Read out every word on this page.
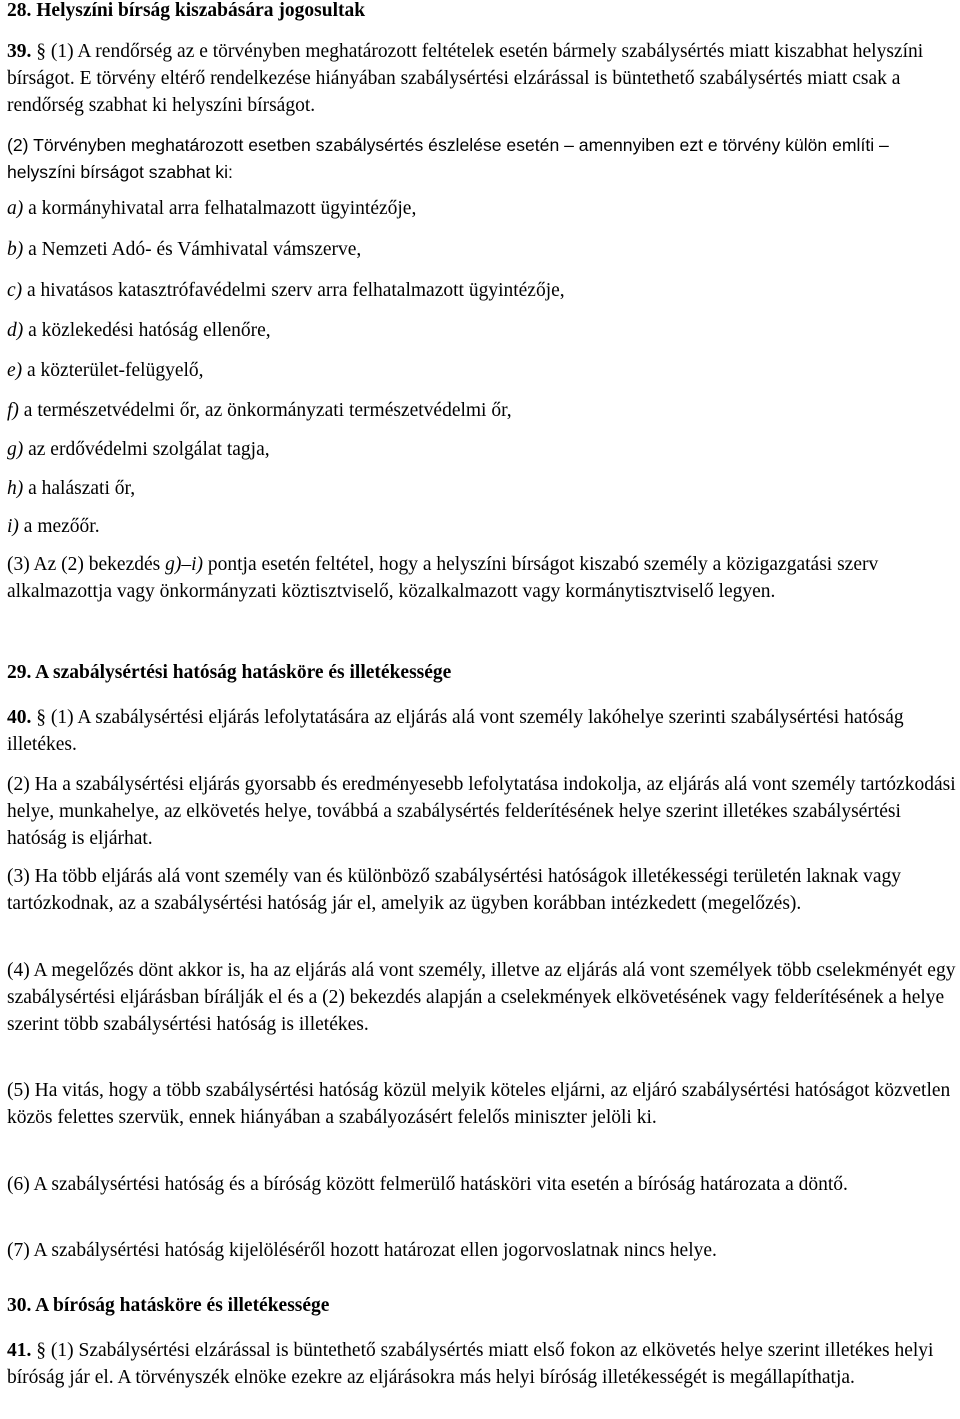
28. Helyszíni bírság kiszabására jogosultak

39. § (1) A rendőrség az e törvényben meghatározott feltételek esetén bármely szabálysértés miatt kiszabhat helyszíni bírságot. E törvény eltérő rendelkezése hiányában szabálysértési elzárással is büntethető szabálysértés miatt csak a rendőrség szabhat ki helyszíni bírságot.

(2) Törvényben meghatározott esetben szabálysértés észlelése esetén – amennyiben ezt e törvény külön említi – helyszíni bírságot szabhat ki:

a) a kormányhivatal arra felhatalmazott ügyintézője,

b) a Nemzeti Adó- és Vámhivatal vámszerve,

c) a hivatásos katasztrófavédelmi szerv arra felhatalmazott ügyintézője,

d) a közlekedési hatóság ellenőre,

e) a közterület-felügyelő,

f) a természetvédelmi őr, az önkormányzati természetvédelmi őr,

g) az erdővédelmi szolgálat tagja,

h) a halászati őr,

i) a mezőőr.

(3) Az (2) bekezdés g)–i) pontja esetén feltétel, hogy a helyszíni bírságot kiszabó személy a közigazgatási szerv alkalmazottja vagy önkormányzati köztisztviselő, közalkalmazott vagy kormánytisztviselő legyen.

29. A szabálysértési hatóság hatásköre és illetékessége

40. § (1) A szabálysértési eljárás lefolytatására az eljárás alá vont személy lakóhelye szerinti szabálysértési hatóság illetékes.

(2) Ha a szabálysértési eljárás gyorsabb és eredményesebb lefolytatása indokolja, az eljárás alá vont személy tartózkodási helye, munkahelye, az elkövetés helye, továbbá a szabálysértés felderítésének helye szerint illetékes szabálysértési hatóság is eljárhat.

(3) Ha több eljárás alá vont személy van és különböző szabálysértési hatóságok illetékességi területén laknak vagy tartózkodnak, az a szabálysértési hatóság jár el, amelyik az ügyben korábban intézkedett (megelőzés).

(4) A megelőzés dönt akkor is, ha az eljárás alá vont személy, illetve az eljárás alá vont személyek több cselekményét egy szabálysértési eljárásban bírálják el és a (2) bekezdés alapján a cselekmények elkövetésének vagy felderítésének a helye szerint több szabálysértési hatóság is illetékes.

(5) Ha vitás, hogy a több szabálysértési hatóság közül melyik köteles eljárni, az eljáró szabálysértési hatóságot közvetlen közös felettes szervük, ennek hiányában a szabályozásért felelős miniszter jelöli ki.

(6) A szabálysértési hatóság és a bíróság között felmerülő hatásköri vita esetén a bíróság határozata a döntő.

(7) A szabálysértési hatóság kijelöléséről hozott határozat ellen jogorvoslatnak nincs helye.

30. A bíróság hatásköre és illetékessége

41. § (1) Szabálysértési elzárással is büntethető szabálysértés miatt első fokon az elkövetés helye szerint illetékes helyi bíróság jár el. A törvényszék elnöke ezekre az eljárásokra más helyi bíróság illetékességét is megállapíthatja.
